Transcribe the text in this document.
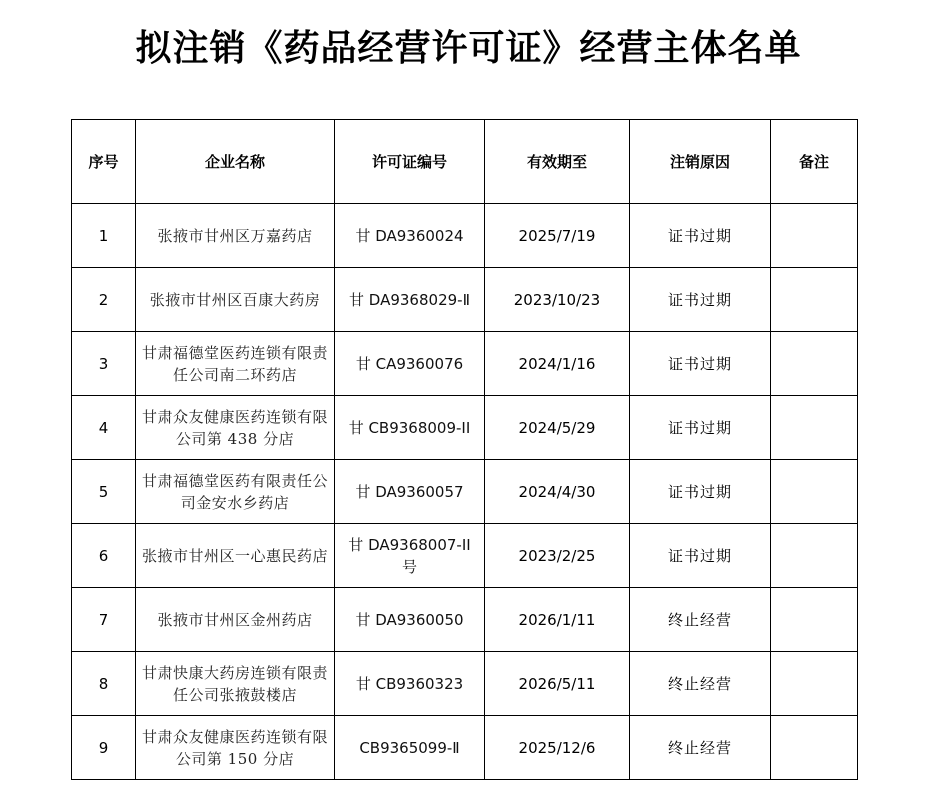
拟注销《药品经营许可证》经营主体名单
序号	企业名称	许可证编号	有效期至	注销原因	备注
1	张掖市甘州区万嘉药店	甘 DA9360024	2025/7/19	证书过期	
2	张掖市甘州区百康大药房	甘 DA9368029-Ⅱ	2023/10/23	证书过期	
3	甘肃福德堂医药连锁有限责任公司南二环药店	甘 CA9360076	2024/1/16	证书过期	
4	甘肃众友健康医药连锁有限公司第 438 分店	甘 CB9368009-II	2024/5/29	证书过期	
5	甘肃福德堂医药有限责任公司金安水乡药店	甘 DA9360057	2024/4/30	证书过期	
6	张掖市甘州区一心惠民药店	甘 DA9368007-II 号	2023/2/25	证书过期	
7	张掖市甘州区金州药店	甘 DA9360050	2026/1/11	终止经营	
8	甘肃快康大药房连锁有限责任公司张掖鼓楼店	甘 CB9360323	2026/5/11	终止经营	
9	甘肃众友健康医药连锁有限公司第 150 分店	CB9365099-Ⅱ	2025/12/6	终止经营	
